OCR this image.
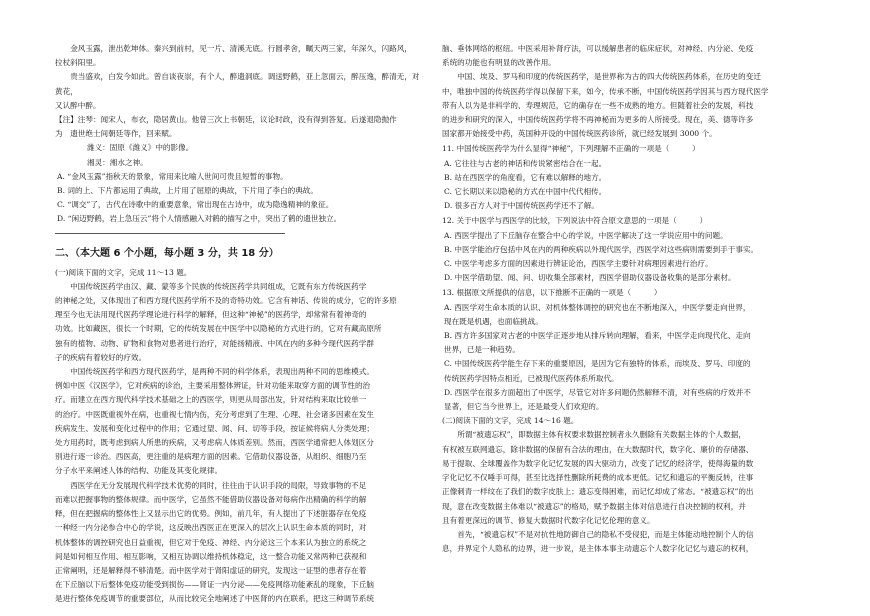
金风玉露，泄出乾坤体。秦兴到前村，见一片、清溪无底。行圆孝舍，瞩天两三家，年深久，闪路风，

拉杖斜阳里。

贵当盛欢，白发今如此。曾自谈夜崇，有个人，醉遗洞底。调送野鹤，亚上忽面云，醉压逸，醉清无，对黄花，

又认醉中醉。

【注】注琴：闻宋人，布衣，隐居黄山。他曾三次上书朝廷，议论时政，没有得到答复。后遂退隐抛作

为　遗世绝士间朝廷等作，回来赋。

潍义：固原《潍义》中的影像。

湘灵：湘水之神。

A. “金风玉露”指秋天的景象，常用来比喻人世间可贵且短暂的事物。

B. 词的上、下片都运用了典故，上片用了屈原的典故，下片用了李白的典故。

C. “调交”了，古代在诗歌中的重要意象，常出现在古诗中，成为隐逸精神的象征。

D. “闲迈野鹤，岩上急压云”将个人情感融入对鹤的描写之中，突出了鹤的遗世独立。

二、（本大题 6 个小题，每小题 3 分，共 18 分）

(一)阅读下面的文字，完成 11～13 题。

中国传统医药学由汉、藏、蒙等多个民族的传统医药学共同组成，它既有东方传统医药学

的神秘之处，又体现出了和西方现代医药学所不及的奇特功效。它含有神话、传说的成分，它的许多原

理至今也无法用现代医药学理论进行科学的解释，但这种“神秘”的医药学，却常常有着神奇的

功效。比如藏医，很长一个时期，它的传统发展在中医学中以隐秘的方式进行的，它对有藏高原所

独有的植物、动物、矿物和食物对患者进行治疗，对能扬精液、中风在内的多种今现代医药学群

子的疾病有着较好的疗效。

中国传统医药学和西方现代医药学，是两种不同的科学体系，表现出两种不同的思维模式。

例如中医《汉医学》，它对疾病的诊治，主要采用整体辨证，针对功能来取穿方面的调节性的治

疗。而建立在西方现代科学技术基础之上的西医学，则更从局部出发，针对结构来取比较单一

的治疗。中医既重视外在病，也重视七情内伤，充分考虑到了生理、心理、社会诸多因素在发生

疾病发生、发展和变化过程中的作用；它通过望、闻、问、切等手段，按证候将病人分类处理；

处方用药时，既考虑到病人所患的疾病，又考虑病人体质差别。然而，西医学通常把人体划区分

别进行逐一诊治。西医高，更注重的是病理方面的因素。它借助仪器设备，从组织、细胞乃至

分子水平来阐述人体的结构、功能及其变化规律。

西医学在无分发展现代科学技术优势的同时，往往由于认识手段的局限，导致事物的不足

而难以把握事物的整体规律。而中医学，它虽然不能借助仪器设备对每病作出精确的科学的解

释，但在把握病的整体性上又显示出它的优势。例如，前几年，有人提出了下述脏器存在免疫

一种经一内分泌参合中心的学说，这反映出西医正在更深入的层次上认识生命本质的同时，对

机体整体的调控研究也日益重视，但它对于免疫、神经、内分泌这三个本来认为独立的系统之

间是如何相互作用、相互影响，又相互协调以维持机体稳定，这一整合功能又常两种已获视和

正常阐明，还是解释得不够清楚。而中医学对于肾阳虚证的研究，发现这一证型的患者存在着

在下丘脑以下后整体免疫功能受到损伤——肾证一内分泌——免疫网络功能紊乱的现象，下丘脑

是进行整体免疫调节的重要部位，从而比较完全地阐述了中医肾的内在联系，把这三种调节系统

脑、垂体网络的枢纽。中医采用补肾疗法，可以缓解患者的临床症状，对神经、内分泌、免疫

系统的功能也有明显的改善作用。

中国、埃及、罗马和印度的传统医药学，是世界称为古的四大传统医药体系，在历史的变迁

中，唯独中国的传统医药学得以保留下来，如今，传承不断，中国传统医药学因其与西方现代医学

带有人以为是非科学的、寿理规范，它的确存在一些不成熟的地方。但随着社会的发展，科技

的进步和研究的深入，中国传统医药学将不再神秘而为更多的人所接受。现在，美、德等许多

国家都开始接受中药，英国种开设的中国传统医药诊所，就已经发展到 3000 个。

11. 中国传统医药学为什么显得“神秘”，下列理解不正确的一项是（　　　）

A. 它往往与古老的神话和传说紧密结合在一起。

B. 站在西医学的角度看，它有难以解释的地方。

C. 它长期以来以隐秘的方式在中国中代代相传。

D. 很多百方人对于中国传统医药学还不了解。

12. 关于中医学与西医学的比较，下列说法中符合原文意思的一项是（　　　）

A. 西医学提出了下丘脑存在整合中心的学说，中医学解决了这一学说应用中的问题。

B. 中医学能治疗包括中风在内的两种疾病以外现代医学，西医学对这些病则需要到手于事实。

C. 中医学考虑多方面的因素进行辨证论治，西医学主要针对病理因素进行治疗。

D. 中医学借助望、闻、问、切收集全部素材，西医学借助仪器设备收集的是部分素材。

13. 根据原文所提供的信息，以下推断不正确的一项是（　　　）

A. 西医学对生命本质的认识、对机体整体调控的研究也在不断地深入，中医学要走向世界，

现在既是机遇，也面临挑战。

B. 西方许多国家对古老的中医学正逐步地从排斥转向理解，看来，中医学走向现代化、走向

世界，已是一种趋势。

C. 中国传统医药学能生存下来的重要原因，是因为它有独特的体系，而埃及、罗马、印度的

传统医药学因特点相近，已被现代医药体系所取代。

D. 西医学在很多方面超出了中医学，尽管它对许多问题仍然解释不清，对有些病的疗效并不

显著，但它当今世界上，还是最受人们欢迎的。

(二)阅读下面的文字，完成 14～16 题。

所谓“被遗忘权”，即数据主体有权要求数据控制者永久删除有关数据主体的个人数据，

有权被互联网遗忘，除非数据的保留有合法的理由，在大数据时代，数字化、廉价的存储器、

易于提取、全球覆盖作为数字化记忆发展的四大驱动力，改变了记忆的经济学，使得海量的数

字化记忆不仅唾手可得，甚至比选择性删除所耗费的成本更低。记忆和遗忘的平衡反转，往事

正像刺青一样纹在了我们的数字皮肤上；遗忘变得困难，而记忆却成了常态。“被遗忘权”的出

现，意在改变数据主体难以“被遗忘”的格局，赋予数据主体对信息进行自决控制的权利，并

且有着更深远的调节、修复大数据时代数字化记忆伦理的意义。

首先，“被遗忘权”不是对抗性地防御自己的隐私不受侵犯，而是主体能动地控制个人的信

息，并界定个人隐私的边界，进一步说，是主体本事主动遗忘个人数字化记忆与遗忘的权利，
